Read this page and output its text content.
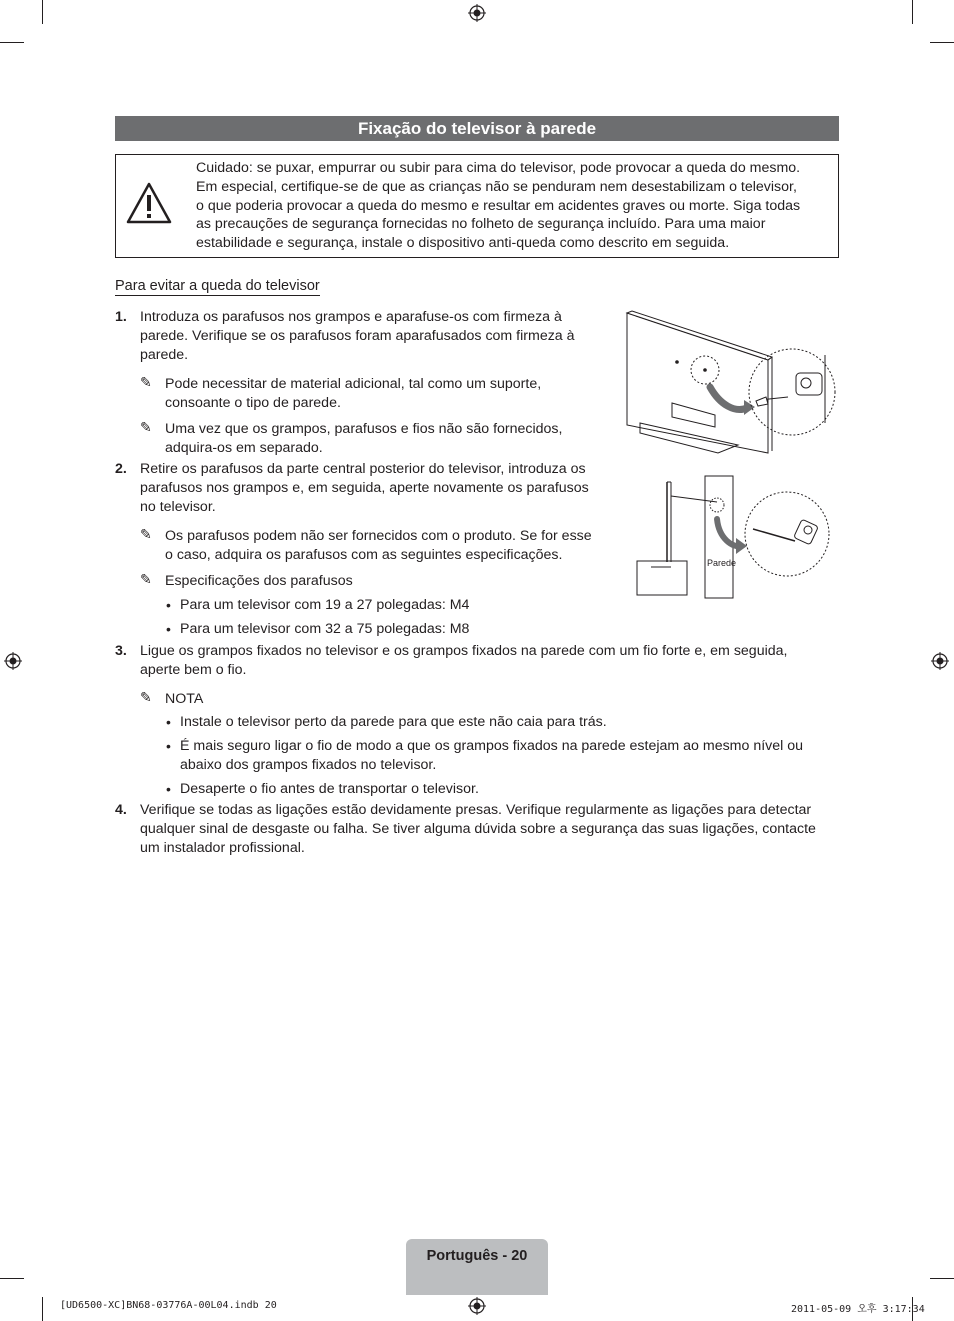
Fixação do televisor à parede
Cuidado: se puxar, empurrar ou subir para cima do televisor, pode provocar a queda do mesmo.
Em especial, certifique-se de que as crianças não se penduram nem desestabilizam o televisor,
o que poderia provocar a queda do mesmo e resultar em acidentes graves ou morte. Siga todas
as precauções de segurança fornecidas no folheto de segurança incluído. Para uma maior
estabilidade e segurança, instale o dispositivo anti-queda como descrito em seguida.
Para evitar a queda do televisor
1. Introduza os parafusos nos grampos e aparafuse-os com firmeza à
parede. Verifique se os parafusos foram aparafusados com firmeza à
parede.
✎ Pode necessitar de material adicional, tal como um suporte,
consoante o tipo de parede.
✎ Uma vez que os grampos, parafusos e fios não são fornecidos,
adquira-os em separado.
2. Retire os parafusos da parte central posterior do televisor, introduza os
parafusos nos grampos e, em seguida, aperte novamente os parafusos
no televisor.
✎ Os parafusos podem não ser fornecidos com o produto. Se for esse
o caso, adquira os parafusos com as seguintes especificações.
✎ Especificações dos parafusos
• Para um televisor com 19 a 27 polegadas: M4
• Para um televisor com 32 a 75 polegadas: M8
3. Ligue os grampos fixados no televisor e os grampos fixados na parede com um fio forte e, em seguida,
aperte bem o fio.
✎ NOTA
• Instale o televisor perto da parede para que este não caia para trás.
• É mais seguro ligar o fio de modo a que os grampos fixados na parede estejam ao mesmo nível ou
abaixo dos grampos fixados no televisor.
• Desaperte o fio antes de transportar o televisor.
4. Verifique se todas as ligações estão devidamente presas. Verifique regularmente as ligações para detectar
qualquer sinal de desgaste ou falha. Se tiver alguma dúvida sobre a segurança das suas ligações, contacte
um instalador profissional.
Parede
Português - 20
[UD6500-XC]BN68-03776A-00L04.indb 20	2011-05-09 오후 3:17:34
